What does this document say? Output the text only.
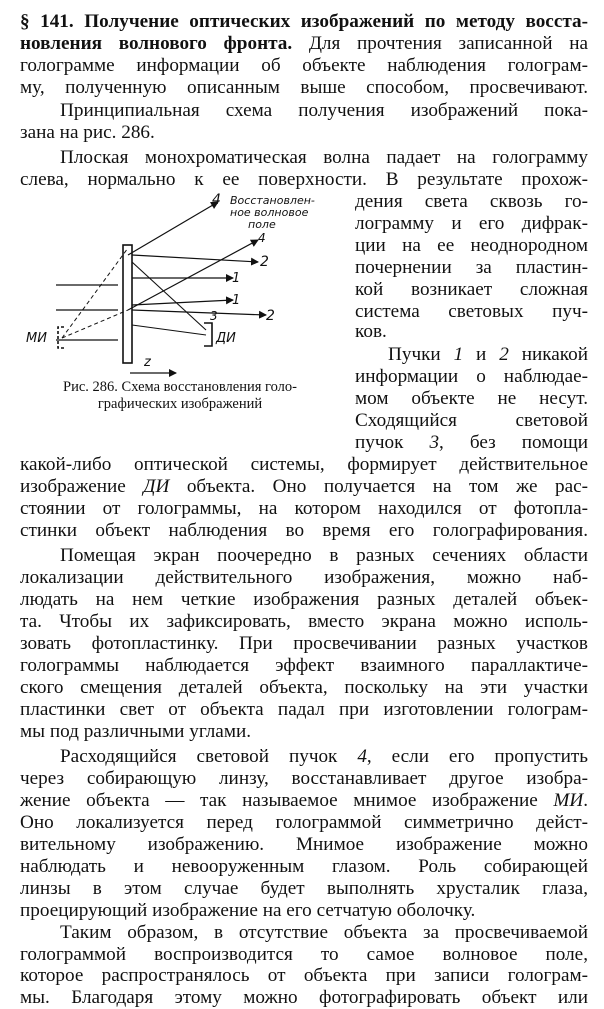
§ 141. Получение оптических изображений по методу восста-
новления волнового фронта. Для прочтения записанной на
голограмме информации об объекте наблюдения голограм-
му, полученную описанным выше способом, просвечивают.
Принципиальная схема получения изображений пока-
зана на рис. 286.
Плоская монохроматическая волна падает на голограмму
слева, нормально к ее поверхности. В результате прохож-
дения света сквозь го-
лограмму и его дифрак-
ции на ее неоднородном
почернении за пластин-
кой возникает сложная
система световых пуч-
ков.
Пучки 1 и 2 никакой
информации о наблюдае-
мом объекте не несут.
Сходящийся световой
пучок 3, без помощи
какой-либо оптической системы, формирует действительное
изображение ДИ объекта. Оно получается на том же рас-
стоянии от голограммы, на котором находился от фотопла-
стинки объект наблюдения во время его голографирования.
Помещая экран поочередно в разных сечениях области
локализации действительного изображения, можно наб-
людать на нем четкие изображения разных деталей объек-
та. Чтобы их зафиксировать, вместо экрана можно исполь-
зовать фотопластинку. При просвечивании разных участков
голограммы наблюдается эффект взаимного параллактиче-
ского смещения деталей объекта, поскольку на эти участки
пластинки свет от объекта падал при изготовлении голограм-
мы под различными углами.
Расходящийся световой пучок 4, если его пропустить
через собирающую линзу, восстанавливает другое изобра-
жение объекта — так называемое мнимое изображение МИ.
Оно локализуется перед голограммой симметрично дейст-
вительному изображению. Мнимое изображение можно
наблюдать и невооруженным глазом. Роль собирающей
линзы в этом случае будет выполнять хрусталик глаза,
проецирующий изображение на его сетчатую оболочку.
Таким образом, в отсутствие объекта за просвечиваемой
голограммой воспроизводится то самое волновое поле,
которое распространялось от объекта при записи голограм-
мы. Благодаря этому можно фотографировать объект или
Восстановлен-
ное волновое
поле
4
4
2
1
1
3	2
ДИ
МИ
z
Рис. 286. Схема восстановления голо-
графических изображений
